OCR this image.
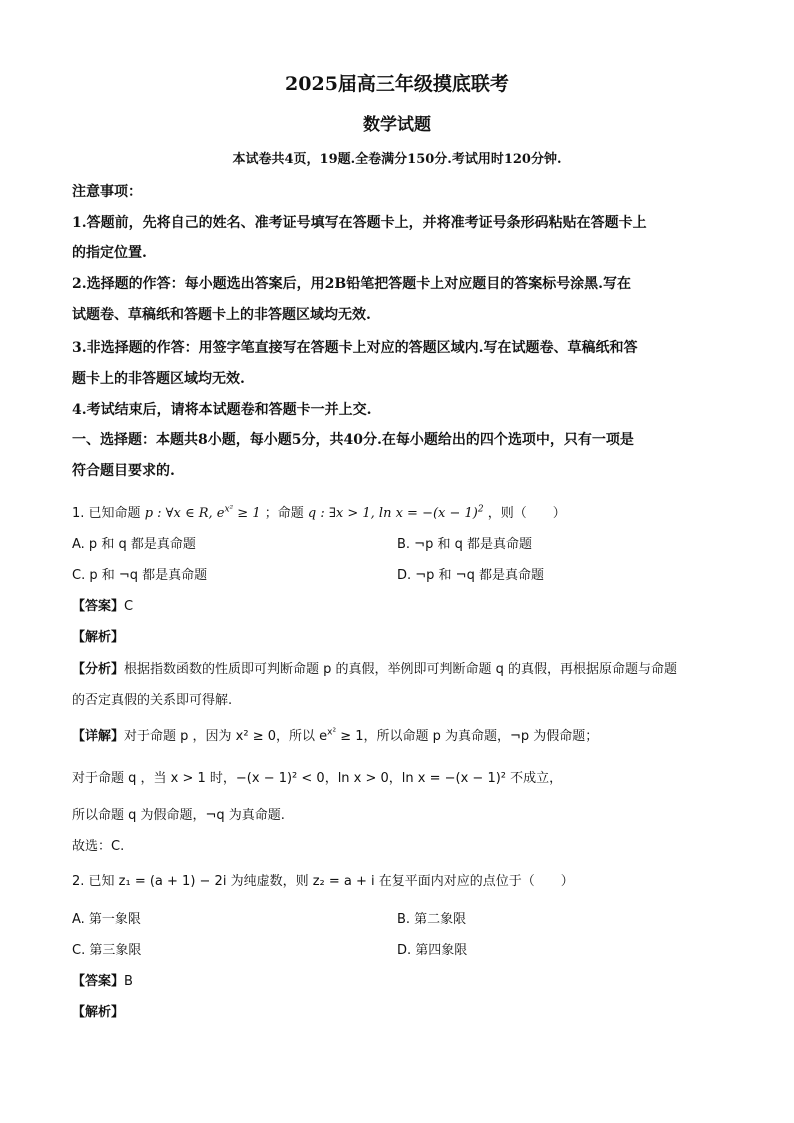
2025届高三年级摸底联考
数学试题
本试卷共4页，19题.全卷满分150分.考试用时120分钟.
注意事项：
1.答题前，先将自己的姓名、准考证号填写在答题卡上，并将准考证号条形码粘贴在答题卡上
的指定位置.
2.选择题的作答：每小题选出答案后，用2B铅笔把答题卡上对应题目的答案标号涂黑.写在
试题卷、草稿纸和答题卡上的非答题区域均无效.
3.非选择题的作答：用签字笔直接写在答题卡上对应的答题区域内.写在试题卷、草稿纸和答
题卡上的非答题区域均无效.
4.考试结束后，请将本试题卷和答题卡一并上交.
一、选择题：本题共8小题，每小题5分，共40分.在每小题给出的四个选项中，只有一项是
符合题目要求的.
1. 已知命题 p : ∀x ∈ R, $e^{x^2} \ge 1$ ；命题 q : ∃x > 1, $\ln x = -(x - 1)^2$ ，则（　　）
A. p 和 q 都是真命题	B. ¬p 和 q 都是真命题
C. p 和 ¬q 都是真命题	D. ¬p 和 ¬q 都是真命题
【答案】C
【解析】
【分析】根据指数函数的性质即可判断命题 p 的真假，举例即可判断命题 q 的真假，再根据原命题与命题
的否定真假的关系即可得解.
【详解】对于命题 p ，因为 x² ≥ 0，所以 $e^{x^2} \ge 1$，所以命题 p 为真命题，¬p 为假命题；
对于命题 q ，当 x > 1 时，−(x − 1)² < 0，ln x > 0，ln x = −(x − 1)² 不成立，
所以命题 q 为假命题，¬q 为真命题.
故选：C.
2. 已知 z₁ = (a + 1) − 2i 为纯虚数，则 z₂ = a + i 在复平面内对应的点位于（　　）
A. 第一象限	B. 第二象限
C. 第三象限	D. 第四象限
【答案】B
【解析】
